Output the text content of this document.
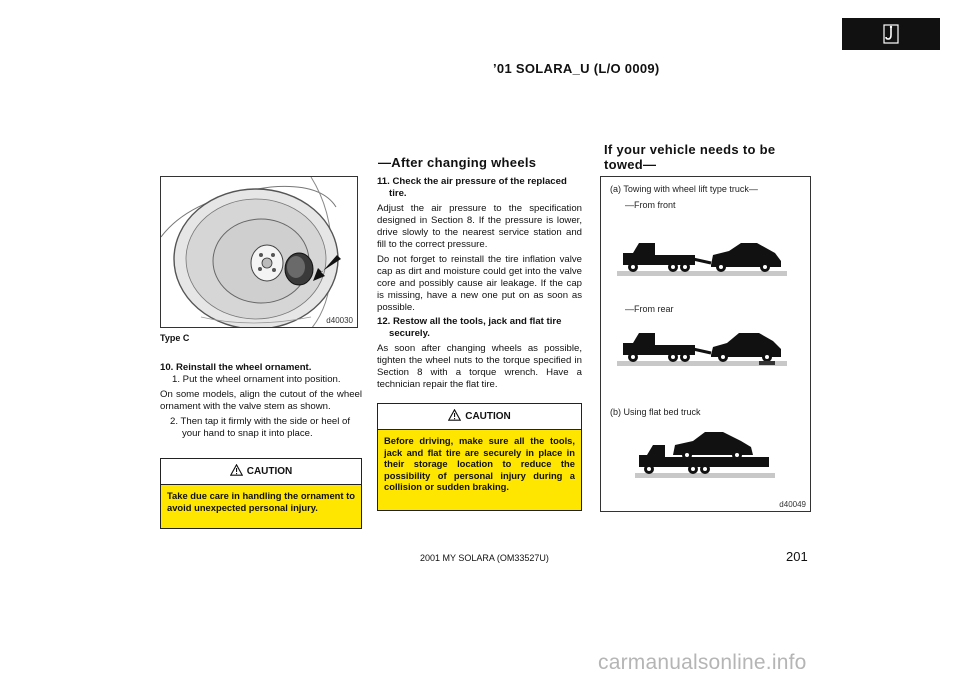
’01 SOLARA_U (L/O 0009)
—After changing wheels
If your vehicle needs to be towed—
d40030
Type C
10. Reinstall the wheel ornament.
1. Put the wheel ornament into position.
On some models, align the cutout of the wheel ornament with the valve stem as shown.
2. Then tap it firmly with the side or heel of your hand to snap it into place.
CAUTION
Take due care in handling the ornament to avoid unexpected personal injury.
11. Check the air pressure of the replaced tire.
Adjust the air pressure to the specification designed in Section 8. If the pressure is lower, drive slowly to the nearest service station and fill to the correct pressure.
Do not forget to reinstall the tire inflation valve cap as dirt and moisture could get into the valve core and possibly cause air leakage. If the cap is missing, have a new one put on as soon as possible.
12. Restow all the tools, jack and flat tire securely.
As soon after changing wheels as possible, tighten the wheel nuts to the torque specified in Section 8 with a torque wrench. Have a technician repair the flat tire.
CAUTION
Before driving, make sure all the tools, jack and flat tire are securely in place in their storage location to reduce the possibility of personal injury during a collision or sudden braking.
(a) Towing with wheel lift type truck—
—From front
—From rear
(b) Using flat bed truck
d40049
2001 MY SOLARA (OM33527U)	201
carmanualsonline.info
